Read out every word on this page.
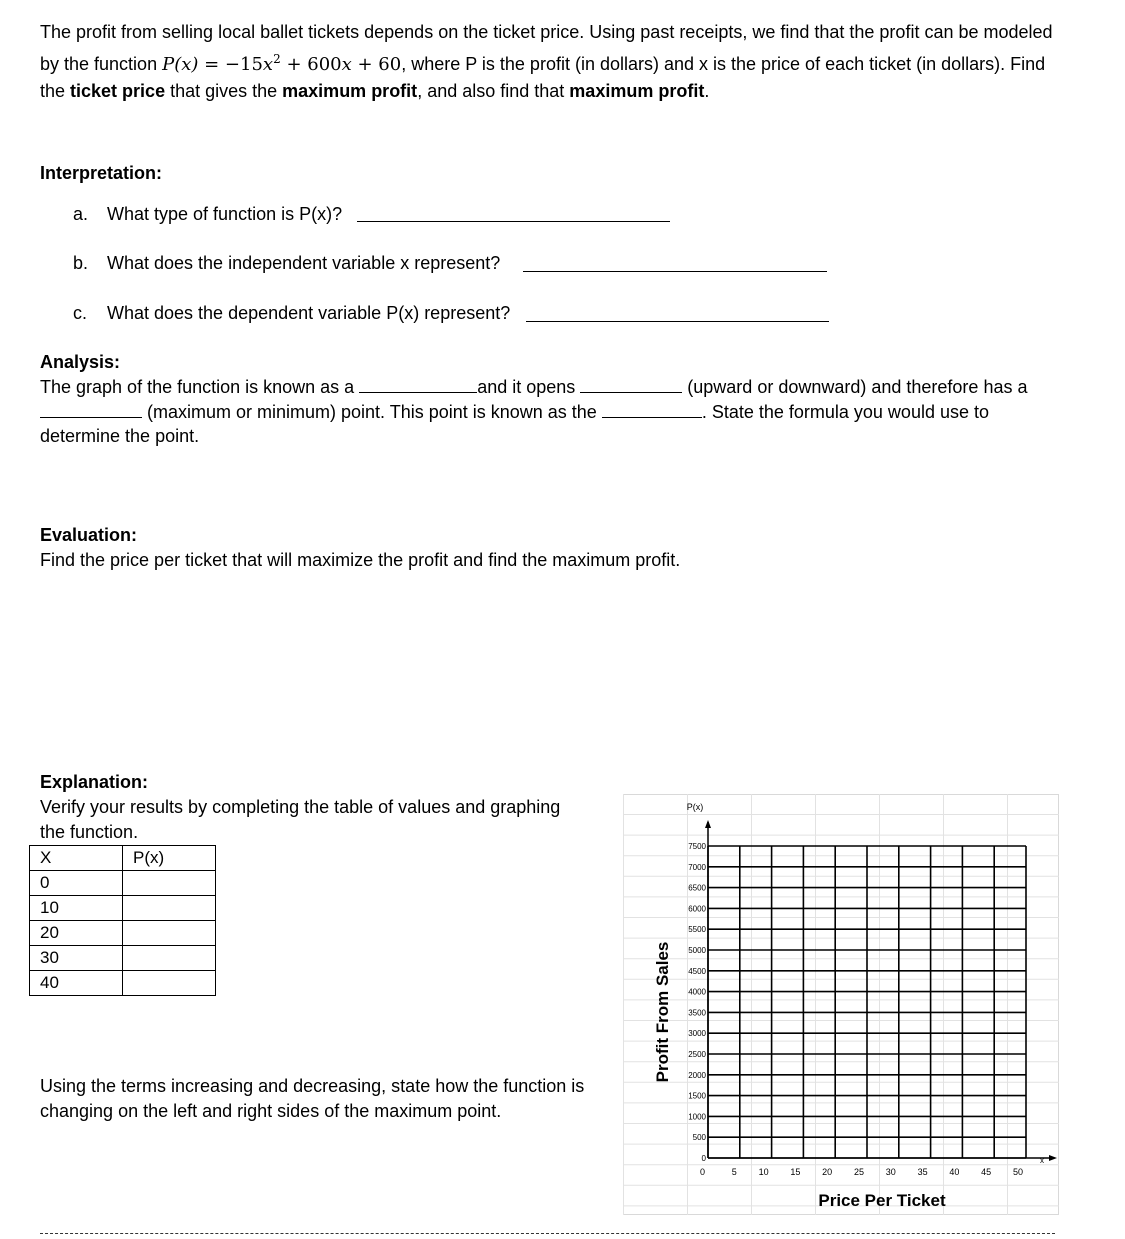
The profit from selling local ballet tickets depends on the ticket price. Using past receipts, we find that the profit can be modeled by the function $P(x) = -15x^2 + 600x + 60$, where P is the profit (in dollars) and x is the price of each ticket (in dollars). Find the ticket price that gives the maximum profit, and also find that maximum profit.
Interpretation:
a. What type of function is P(x)?
b. What does the independent variable x represent?
c. What does the dependent variable P(x) represent?
Analysis:
The graph of the function is known as a	and it opens	(upward or downward) and therefore has a
(maximum or minimum) point. This point is known as the	. State the formula you would use to
determine the point.
Evaluation:
Find the price per ticket that will maximize the profit and find the maximum profit.
Explanation:
Verify your results by completing the table of values and graphing
the function.
X	P(x)
0	
10	
20	
30	
40	
Using the terms increasing and decreasing, state how the function is
changing on the left and right sides of the maximum point.
0
500
1000
1500
2000
2500
3000
3500
4000
4500
5000
5500
6000
6500
7000
7500
0	5 10 15 20 25 30 35 40 45 50
P(x)
x
Price Per Ticket
Profit From Sales
